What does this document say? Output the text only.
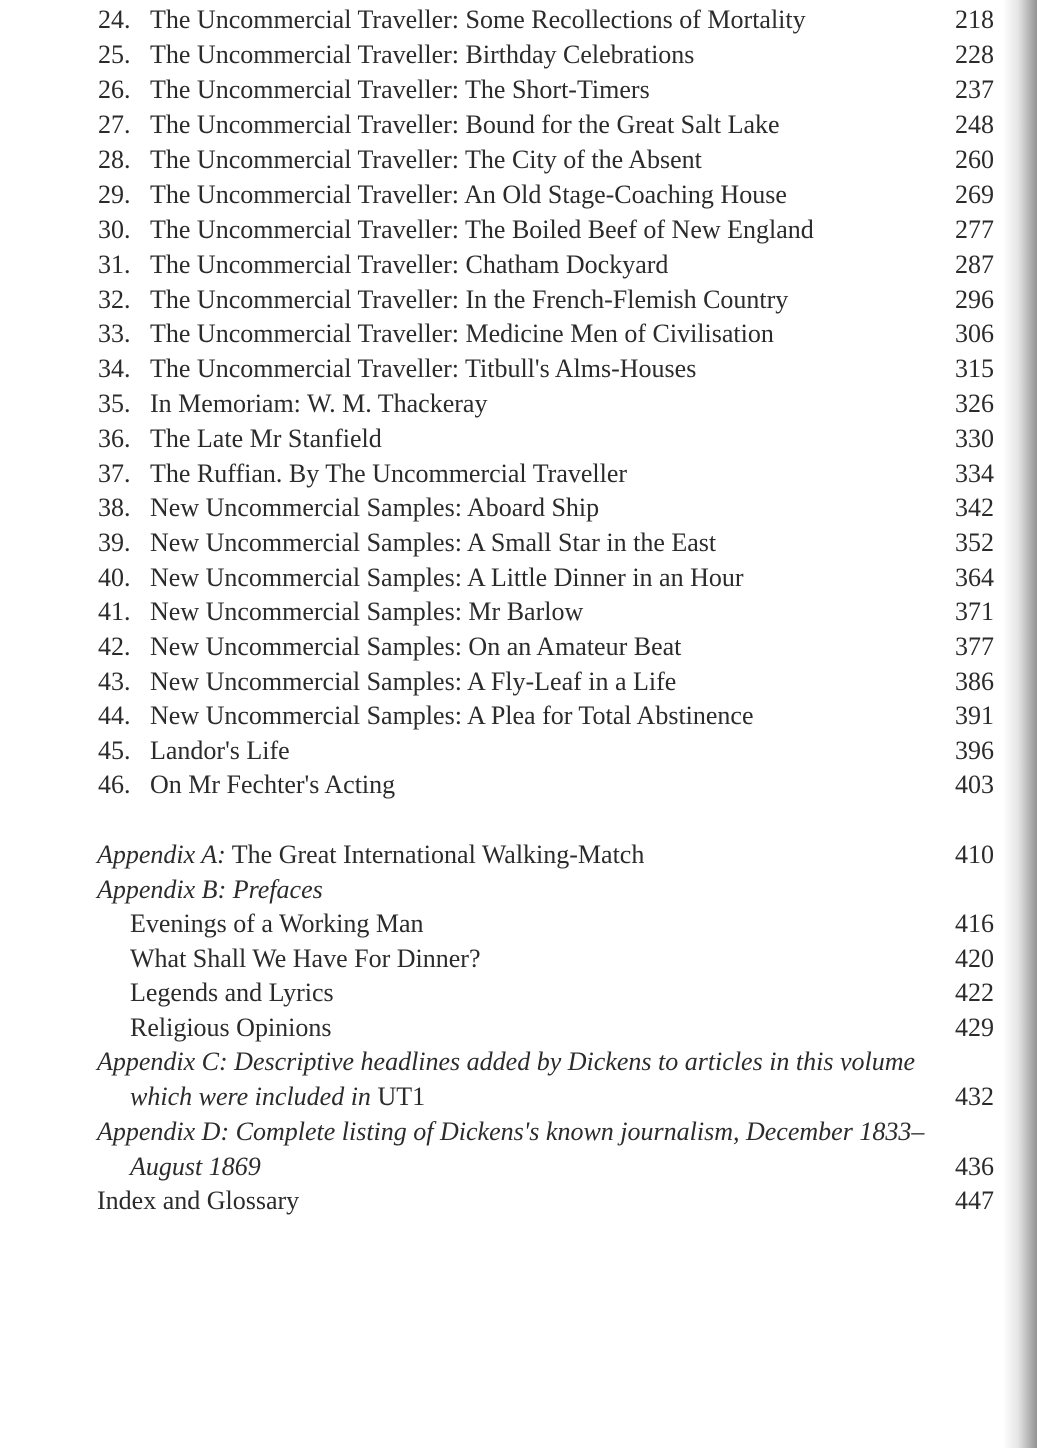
24. The Uncommercial Traveller: Some Recollections of Mortality	218
25. The Uncommercial Traveller: Birthday Celebrations	228
26. The Uncommercial Traveller: The Short-Timers	237
27. The Uncommercial Traveller: Bound for the Great Salt Lake	248
28. The Uncommercial Traveller: The City of the Absent	260
29. The Uncommercial Traveller: An Old Stage-Coaching House	269
30. The Uncommercial Traveller: The Boiled Beef of New England	277
31. The Uncommercial Traveller: Chatham Dockyard	287
32. The Uncommercial Traveller: In the French-Flemish Country	296
33. The Uncommercial Traveller: Medicine Men of Civilisation	306
34. The Uncommercial Traveller: Titbull's Alms-Houses	315
35. In Memoriam: W. M. Thackeray	326
36. The Late Mr Stanfield	330
37. The Ruffian. By The Uncommercial Traveller	334
38. New Uncommercial Samples: Aboard Ship	342
39. New Uncommercial Samples: A Small Star in the East	352
40. New Uncommercial Samples: A Little Dinner in an Hour	364
41. New Uncommercial Samples: Mr Barlow	371
42. New Uncommercial Samples: On an Amateur Beat	377
43. New Uncommercial Samples: A Fly-Leaf in a Life	386
44. New Uncommercial Samples: A Plea for Total Abstinence	391
45. Landor's Life	396
46. On Mr Fechter's Acting	403
Appendix A: The Great International Walking-Match	410
Appendix B: Prefaces
Evenings of a Working Man	416
What Shall We Have For Dinner?	420
Legends and Lyrics	422
Religious Opinions	429
Appendix C: Descriptive headlines added by Dickens to articles in this volume
which were included in UT1	432
Appendix D: Complete listing of Dickens's known journalism, December 1833–
August 1869	436
Index and Glossary	447
